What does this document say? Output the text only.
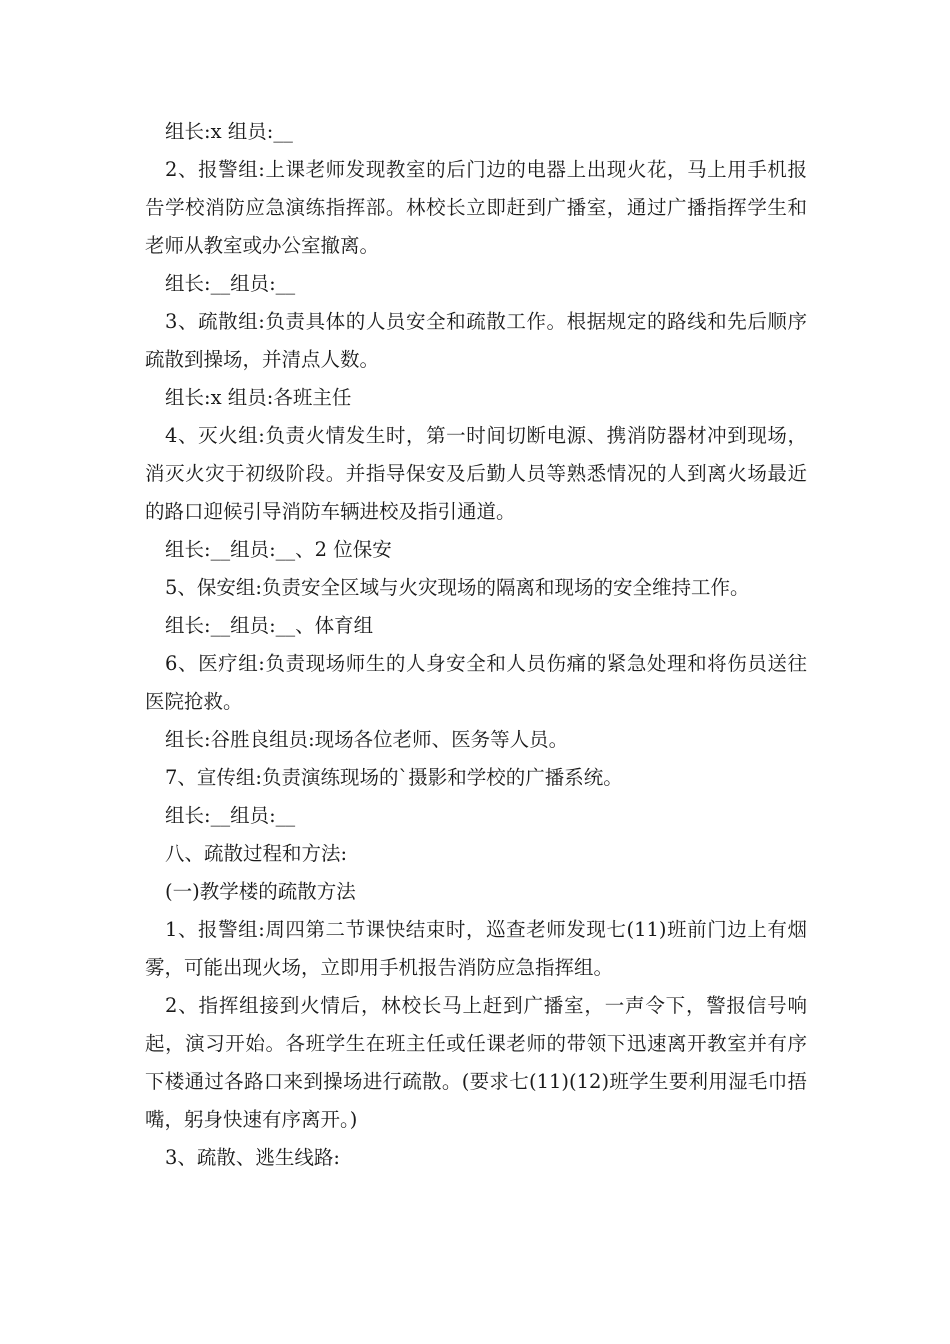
组长:x 组员:__

2、报警组:上课老师发现教室的后门边的电器上出现火花，马上用手机报告学校消防应急演练指挥部。林校长立即赶到广播室，通过广播指挥学生和老师从教室或办公室撤离。

组长:__组员:__

3、疏散组:负责具体的人员安全和疏散工作。根据规定的路线和先后顺序疏散到操场，并清点人数。

组长:x 组员:各班主任

4、灭火组:负责火情发生时，第一时间切断电源、携消防器材冲到现场，消灭火灾于初级阶段。并指导保安及后勤人员等熟悉情况的人到离火场最近的路口迎候引导消防车辆进校及指引通道。

组长:__组员:__、2 位保安

5、保安组:负责安全区域与火灾现场的隔离和现场的安全维持工作。

组长:__组员:__、体育组

6、医疗组:负责现场师生的人身安全和人员伤痛的紧急处理和将伤员送往医院抢救。

组长:谷胜良组员:现场各位老师、医务等人员。

7、宣传组:负责演练现场的`摄影和学校的广播系统。

组长:__组员:__

八、疏散过程和方法:

(一)教学楼的疏散方法

1、报警组:周四第二节课快结束时，巡查老师发现七(11)班前门边上有烟雾，可能出现火场，立即用手机报告消防应急指挥组。

2、指挥组接到火情后，林校长马上赶到广播室，一声令下，警报信号响起，演习开始。各班学生在班主任或任课老师的带领下迅速离开教室并有序下楼通过各路口来到操场进行疏散。(要求七(11)(12)班学生要利用湿毛巾捂嘴，躬身快速有序离开。)

3、疏散、逃生线路:
